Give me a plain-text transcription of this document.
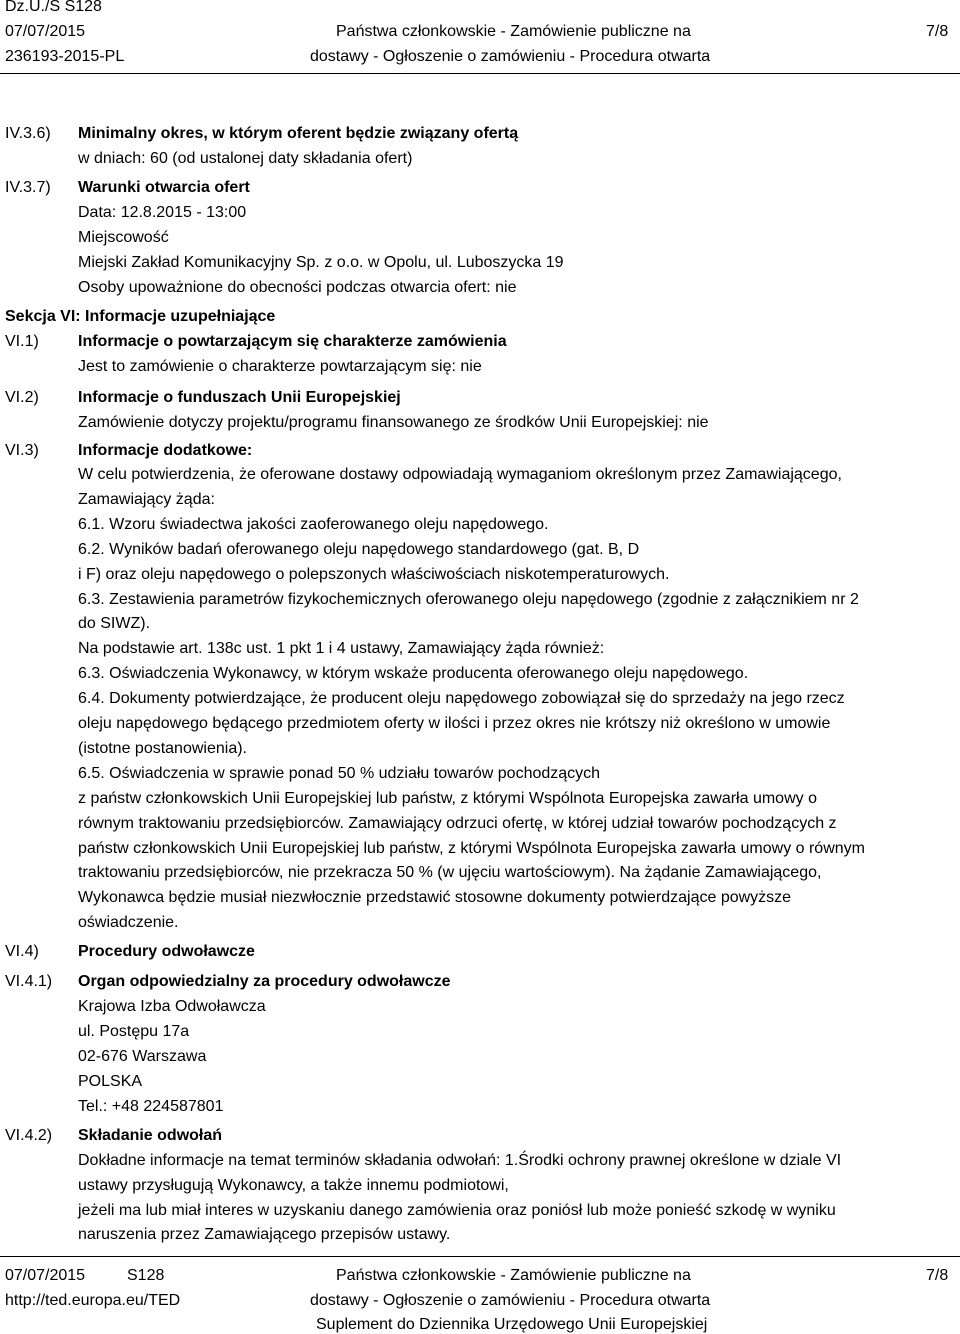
Dz.U./S S128
07/07/2015
236193-2015-PL
Państwa członkowskie - Zamówienie publiczne na
dostawy - Ogłoszenie o zamówieniu - Procedura otwarta
7/8
IV.3.6) Minimalny okres, w którym oferent będzie związany ofertą
w dniach: 60 (od ustalonej daty składania ofert)
IV.3.7) Warunki otwarcia ofert
Data: 12.8.2015 - 13:00
Miejscowość
Miejski Zakład Komunikacyjny Sp. z o.o. w Opolu, ul. Luboszycka 19
Osoby upoważnione do obecności podczas otwarcia ofert: nie
Sekcja VI: Informacje uzupełniające
VI.1) Informacje o powtarzającym się charakterze zamówienia
Jest to zamówienie o charakterze powtarzającym się: nie
VI.2) Informacje o funduszach Unii Europejskiej
Zamówienie dotyczy projektu/programu finansowanego ze środków Unii Europejskiej: nie
VI.3) Informacje dodatkowe:
W celu potwierdzenia, że oferowane dostawy odpowiadają wymaganiom określonym przez Zamawiającego,
Zamawiający żąda:
6.1. Wzoru świadectwa jakości zaoferowanego oleju napędowego.
6.2. Wyników badań oferowanego oleju napędowego standardowego (gat. B, D
i F) oraz oleju napędowego o polepszonych właściwościach niskotemperaturowych.
6.3. Zestawienia parametrów fizykochemicznych oferowanego oleju napędowego (zgodnie z załącznikiem nr 2
do SIWZ).
Na podstawie art. 138c ust. 1 pkt 1 i 4 ustawy, Zamawiający żąda również:
6.3. Oświadczenia Wykonawcy, w którym wskaże producenta oferowanego oleju napędowego.
6.4. Dokumenty potwierdzające, że producent oleju napędowego zobowiązał się do sprzedaży na jego rzecz
oleju napędowego będącego przedmiotem oferty w ilości i przez okres nie krótszy niż określono w umowie
(istotne postanowienia).
6.5. Oświadczenia w sprawie ponad 50 % udziału towarów pochodzących
z państw członkowskich Unii Europejskiej lub państw, z którymi Wspólnota Europejska zawarła umowy o
równym traktowaniu przedsiębiorców. Zamawiający odrzuci ofertę, w której udział towarów pochodzących z
państw członkowskich Unii Europejskiej lub państw, z którymi Wspólnota Europejska zawarła umowy o równym
traktowaniu przedsiębiorców, nie przekracza 50 % (w ujęciu wartościowym). Na żądanie Zamawiającego,
Wykonawca będzie musiał niezwłocznie przedstawić stosowne dokumenty potwierdzające powyższe
oświadczenie.
VI.4) Procedury odwoławcze
VI.4.1) Organ odpowiedzialny za procedury odwoławcze
Krajowa Izba Odwoławcza
ul. Postępu 17a
02-676 Warszawa
POLSKA
Tel.: +48 224587801
VI.4.2) Składanie odwołań
Dokładne informacje na temat terminów składania odwołań: 1.Środki ochrony prawnej określone w dziale VI
ustawy przysługują Wykonawcy, a także innemu podmiotowi,
jeżeli ma lub miał interes w uzyskaniu danego zamówienia oraz poniósł lub może ponieść szkodę w wyniku
naruszenia przez Zamawiającego przepisów ustawy.
07/07/2015	S128
http://ted.europa.eu/TED
Państwa członkowskie - Zamówienie publiczne na
dostawy - Ogłoszenie o zamówieniu - Procedura otwarta
Suplement do Dziennika Urzędowego Unii Europejskiej
7/8
